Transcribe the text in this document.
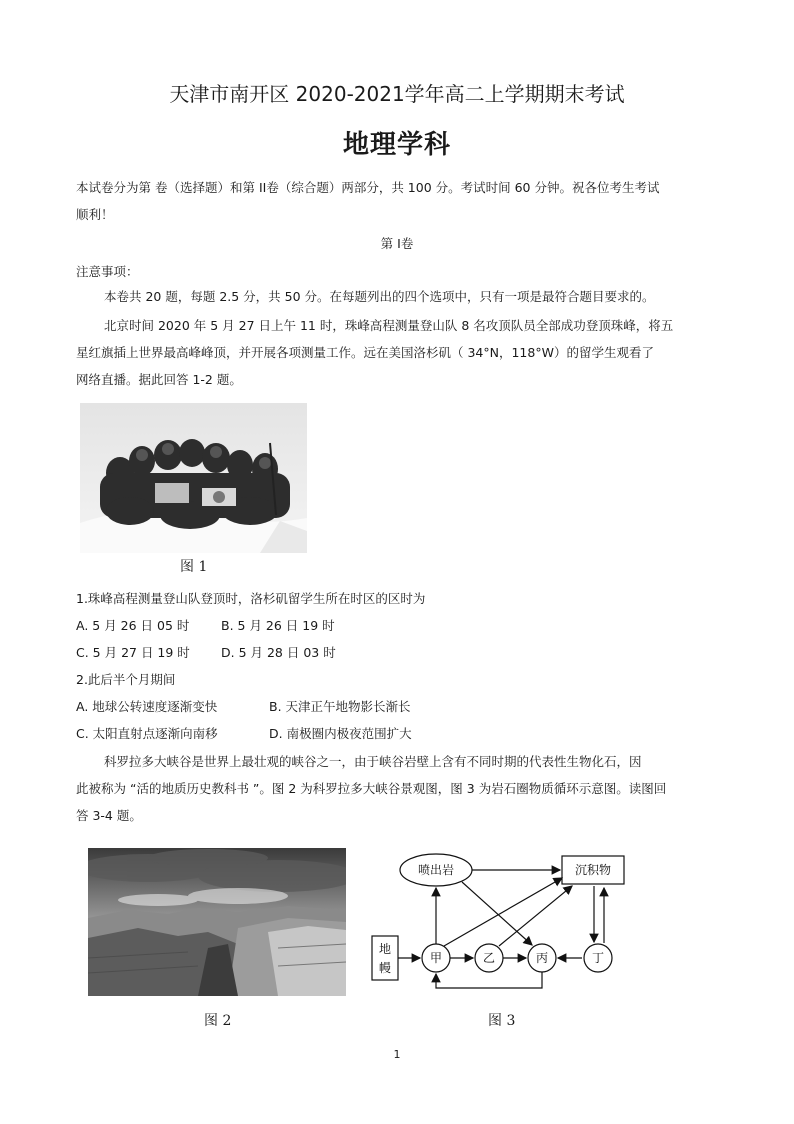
天津市南开区 2020-2021学年高二上学期期末考试
地理学科
本试卷分为第 卷（选择题）和第 II卷（综合题）两部分，共 100 分。考试时间 60 分钟。祝各位考生考试
顺利！
第 I卷
注意事项：
本卷共 20 题，每题 2.5 分，共 50 分。在每题列出的四个选项中，只有一项是最符合题目要求的。
北京时间 2020 年 5 月 27 日上午 11 时，珠峰高程测量登山队 8 名攻顶队员全部成功登顶珠峰，将五
星红旗插上世界最高峰峰顶，并开展各项测量工作。远在美国洛杉矶（ 34°N，118°W）的留学生观看了
网络直播。据此回答 1-2 题。
图 1
1.珠峰高程测量登山队登顶时，洛杉矶留学生所在时区的区时为
A. 5 月 26 日 05 时	B. 5 月 26 日 19 时
C. 5 月 27 日 19 时 D. 5 月 28 日 03 时
2.此后半个月期间
A. 地球公转速度逐渐变快	B. 天津正午地物影长渐长
C. 太阳直射点逐渐向南移	D. 南极圈内极夜范围扩大
科罗拉多大峡谷是世界上最壮观的峡谷之一，由于峡谷岩壁上含有不同时期的代表性生物化石，因
此被称为 “活的地质历史教科书 ”。图 2 为科罗拉多大峡谷景观图，图 3 为岩石圈物质循环示意图。读图回
答 3-4 题。
图 2
喷出岩	沉积物
地
幔
甲	乙	丙	丁
图 3
1
